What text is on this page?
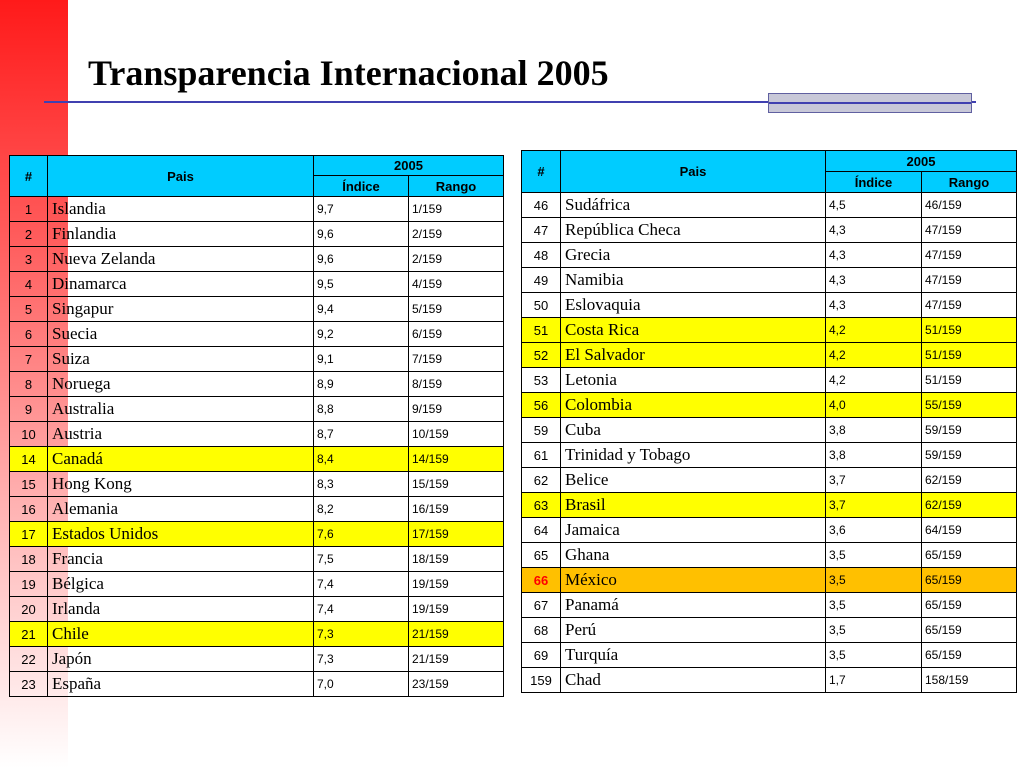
Transparencia Internacional 2005
#	Pais	2005	
		Índice	Rango
1	Islandia	9,7	1/159
2	Finlandia	9,6	2/159
3	Nueva Zelanda	9,6	2/159
4	Dinamarca	9,5	4/159
5	Singapur	9,4	5/159
6	Suecia	9,2	6/159
7	Suiza	9,1	7/159
8	Noruega	8,9	8/159
9	Australia	8,8	9/159
10	Austria	8,7	10/159
14	Canadá	8,4	14/159
15	Hong Kong	8,3	15/159
16	Alemania	8,2	16/159
17	Estados Unidos	7,6	17/159
18	Francia	7,5	18/159
19	Bélgica	7,4	19/159
20	Irlanda	7,4	19/159
21	Chile	7,3	21/159
22	Japón	7,3	21/159
23	España	7,0	23/159
#	Pais	2005	
		Índice	Rango
46	Sudáfrica	4,5	46/159
47	República Checa	4,3	47/159
48	Grecia	4,3	47/159
49	Namibia	4,3	47/159
50	Eslovaquia	4,3	47/159
51	Costa Rica	4,2	51/159
52	El Salvador	4,2	51/159
53	Letonia	4,2	51/159
56	Colombia	4,0	55/159
59	Cuba	3,8	59/159
61	Trinidad y Tobago	3,8	59/159
62	Belice	3,7	62/159
63	Brasil	3,7	62/159
64	Jamaica	3,6	64/159
65	Ghana	3,5	65/159
66	México	3,5	65/159
67	Panamá	3,5	65/159
68	Perú	3,5	65/159
69	Turquía	3,5	65/159
159	Chad	1,7	158/159
